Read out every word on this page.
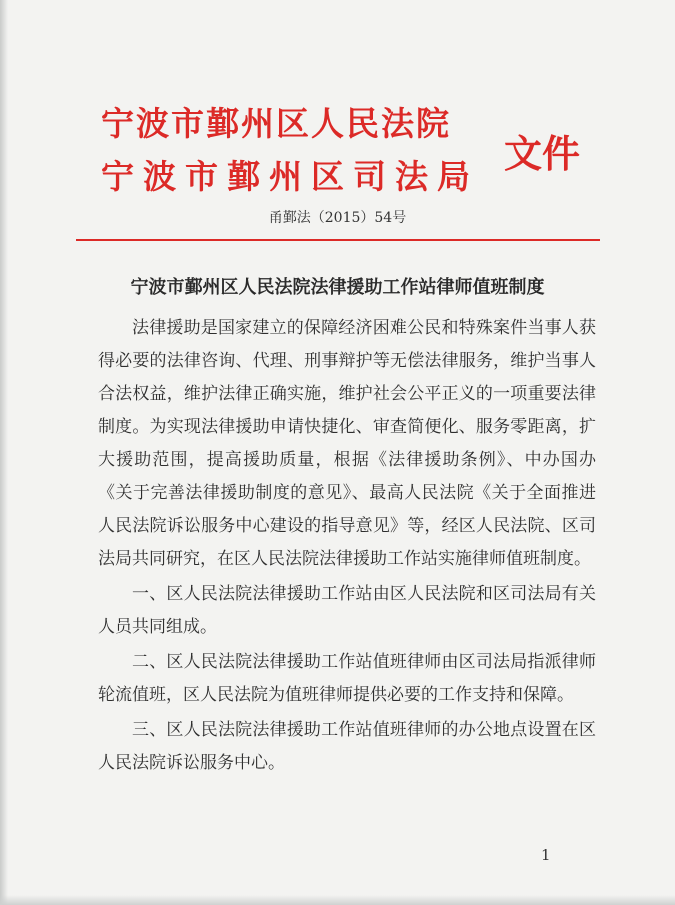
宁波市鄞州区人民法院
宁波市鄞州区司法局
文件
甬鄞法（2015）54号
宁波市鄞州区人民法院法律援助工作站律师值班制度

法律援助是国家建立的保障经济困难公民和特殊案件当事人获得必要的法律咨询、代理、刑事辩护等无偿法律服务，维护当事人合法权益，维护法律正确实施，维护社会公平正义的一项重要法律制度。为实现法律援助申请快捷化、审查简便化、服务零距离，扩大援助范围，提高援助质量，根据《法律援助条例》、中办国办《关于完善法律援助制度的意见》、最高人民法院《关于全面推进人民法院诉讼服务中心建设的指导意见》等，经区人民法院、区司法局共同研究，在区人民法院法律援助工作站实施律师值班制度。

一、区人民法院法律援助工作站由区人民法院和区司法局有关人员共同组成。

二、区人民法院法律援助工作站值班律师由区司法局指派律师轮流值班，区人民法院为值班律师提供必要的工作支持和保障。

三、区人民法院法律援助工作站值班律师的办公地点设置在区人民法院诉讼服务中心。

1
